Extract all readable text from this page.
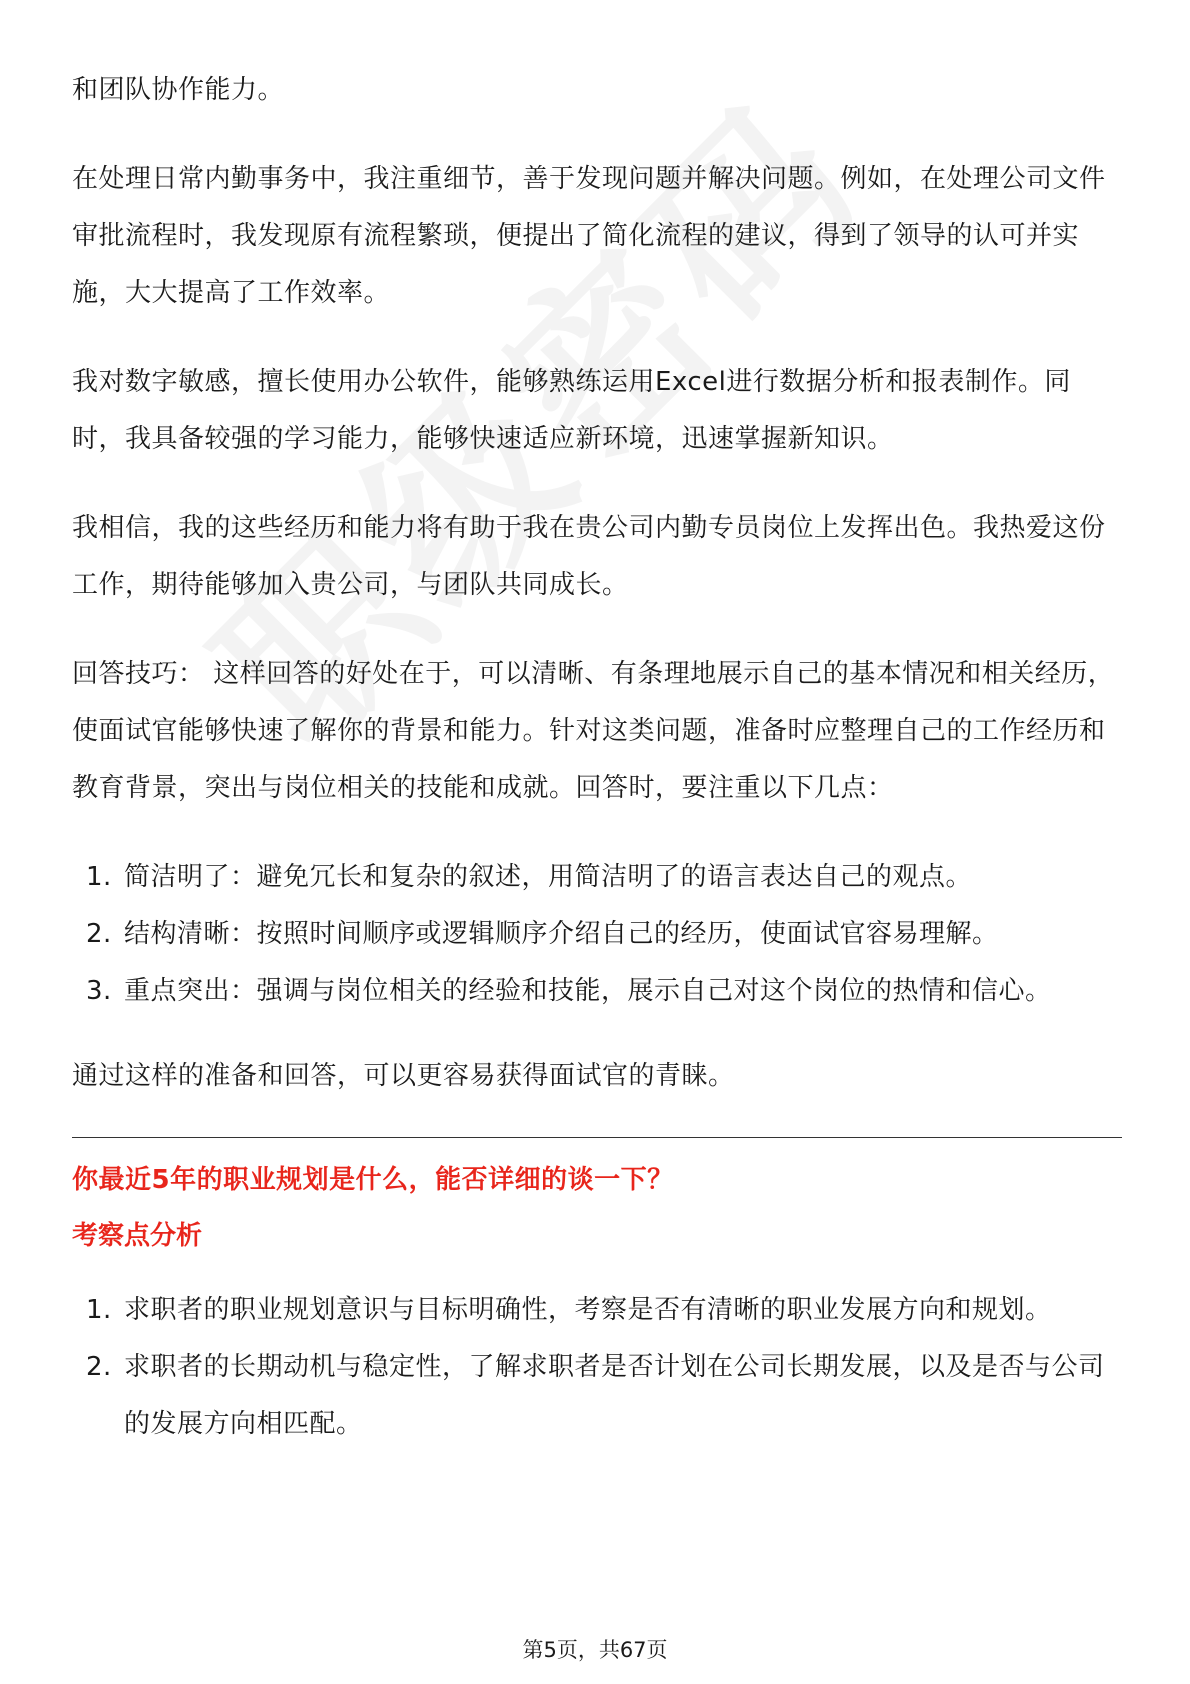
和团队协作能力。

在处理日常内勤事务中，我注重细节，善于发现问题并解决问题。例如，在处理公司文件审批流程时，我发现原有流程繁琐，便提出了简化流程的建议，得到了领导的认可并实施，大大提高了工作效率。

我对数字敏感，擅长使用办公软件，能够熟练运用Excel进行数据分析和报表制作。同时，我具备较强的学习能力，能够快速适应新环境，迅速掌握新知识。

我相信，我的这些经历和能力将有助于我在贵公司内勤专员岗位上发挥出色。我热爱这份工作，期待能够加入贵公司，与团队共同成长。

回答技巧： 这样回答的好处在于，可以清晰、有条理地展示自己的基本情况和相关经历，使面试官能够快速了解你的背景和能力。针对这类问题，准备时应整理自己的工作经历和教育背景，突出与岗位相关的技能和成就。回答时，要注重以下几点：

1. 简洁明了：避免冗长和复杂的叙述，用简洁明了的语言表达自己的观点。
2. 结构清晰：按照时间顺序或逻辑顺序介绍自己的经历，使面试官容易理解。
3. 重点突出：强调与岗位相关的经验和技能，展示自己对这个岗位的热情和信心。

通过这样的准备和回答，可以更容易获得面试官的青睐。

你最近5年的职业规划是什么，能否详细的谈一下？

考察点分析

1. 求职者的职业规划意识与目标明确性，考察是否有清晰的职业发展方向和规划。
2. 求职者的长期动机与稳定性，了解求职者是否计划在公司长期发展，以及是否与公司的发展方向相匹配。
第5页，共67页
